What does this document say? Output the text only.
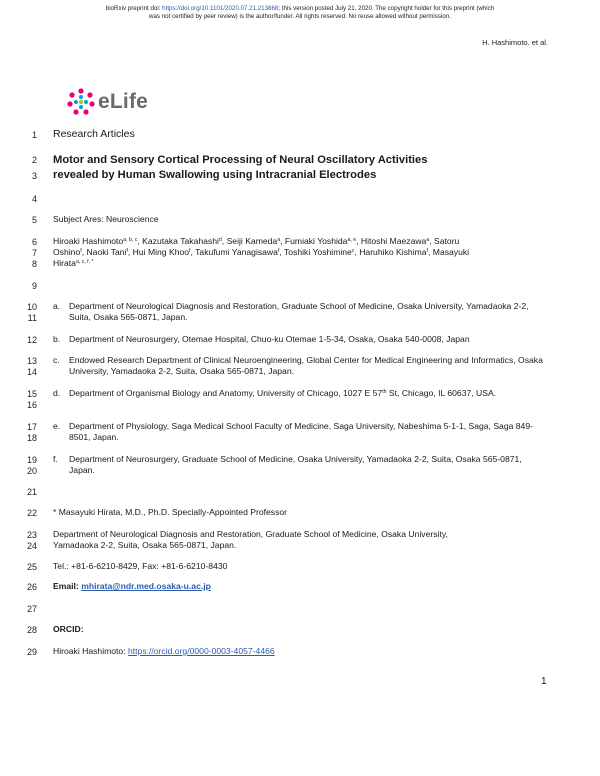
bioRxiv preprint doi: https://doi.org/10.1101/2020.07.21.213868; this version posted July 21, 2020. The copyright holder for this preprint (which
was not certified by peer review) is the author/funder. All rights reserved. No reuse allowed without permission.
H. Hashimoto. et al.
eLife
1
2
3
4
5
6
7
8
9
10
11
12
13
14
15
16
17
18
19
20
21
22
23
24
25
26
27
28
29
Research Articles
Motor and Sensory Cortical Processing of Neural Oscillatory Activities
revealed by Human Swallowing using Intracranial Electrodes
Subject Ares: Neuroscience
Hiroaki Hashimoto$^{a, b, c}$, Kazutaka Takahashi$^d$, Seiji Kameda$^a$, Fumiaki Yoshida$^{a, e}$, Hitoshi Maezawa$^a$, Satoru
Oshino$^f$, Naoki Tani$^f$, Hui Ming Khoo$^f$, Takufumi Yanagisawa$^f$, Toshiki Yoshimine$^c$, Haruhiko Kishima$^f$, Masayuki
Hirata$^{a, c, f, *}$
a. Department of Neurological Diagnosis and Restoration, Graduate School of Medicine, Osaka University, Yamadaoka 2-2, Suita, Osaka 565-0871, Japan.
b. Department of Neurosurgery, Otemae Hospital, Chuo-ku Otemae 1-5-34, Osaka, Osaka 540-0008, Japan
c. Endowed Research Department of Clinical Neuroengineering, Global Center for Medical Engineering and Informatics, Osaka University, Yamadaoka 2-2, Suita, Osaka 565-0871, Japan.
d. Department of Organismal Biology and Anatomy, University of Chicago, 1027 E 57th St, Chicago, IL 60637, USA.
e. Department of Physiology, Saga Medical School Faculty of Medicine, Saga University, Nabeshima 5-1-1, Saga, Saga 849-8501, Japan.
f. Department of Neurosurgery, Graduate School of Medicine, Osaka University, Yamadaoka 2-2, Suita, Osaka 565-0871, Japan.
* Masayuki Hirata, M.D., Ph.D. Specially-Appointed Professor
Department of Neurological Diagnosis and Restoration, Graduate School of Medicine, Osaka University,
Yamadaoka 2-2, Suita, Osaka 565-0871, Japan.
Tel.: +81-6-6210-8429, Fax: +81-6-6210-8430
Email: mhirata@ndr.med.osaka-u.ac.jp
ORCID:
Hiroaki Hashimoto: https://orcid.org/0000-0003-4057-4466
1
